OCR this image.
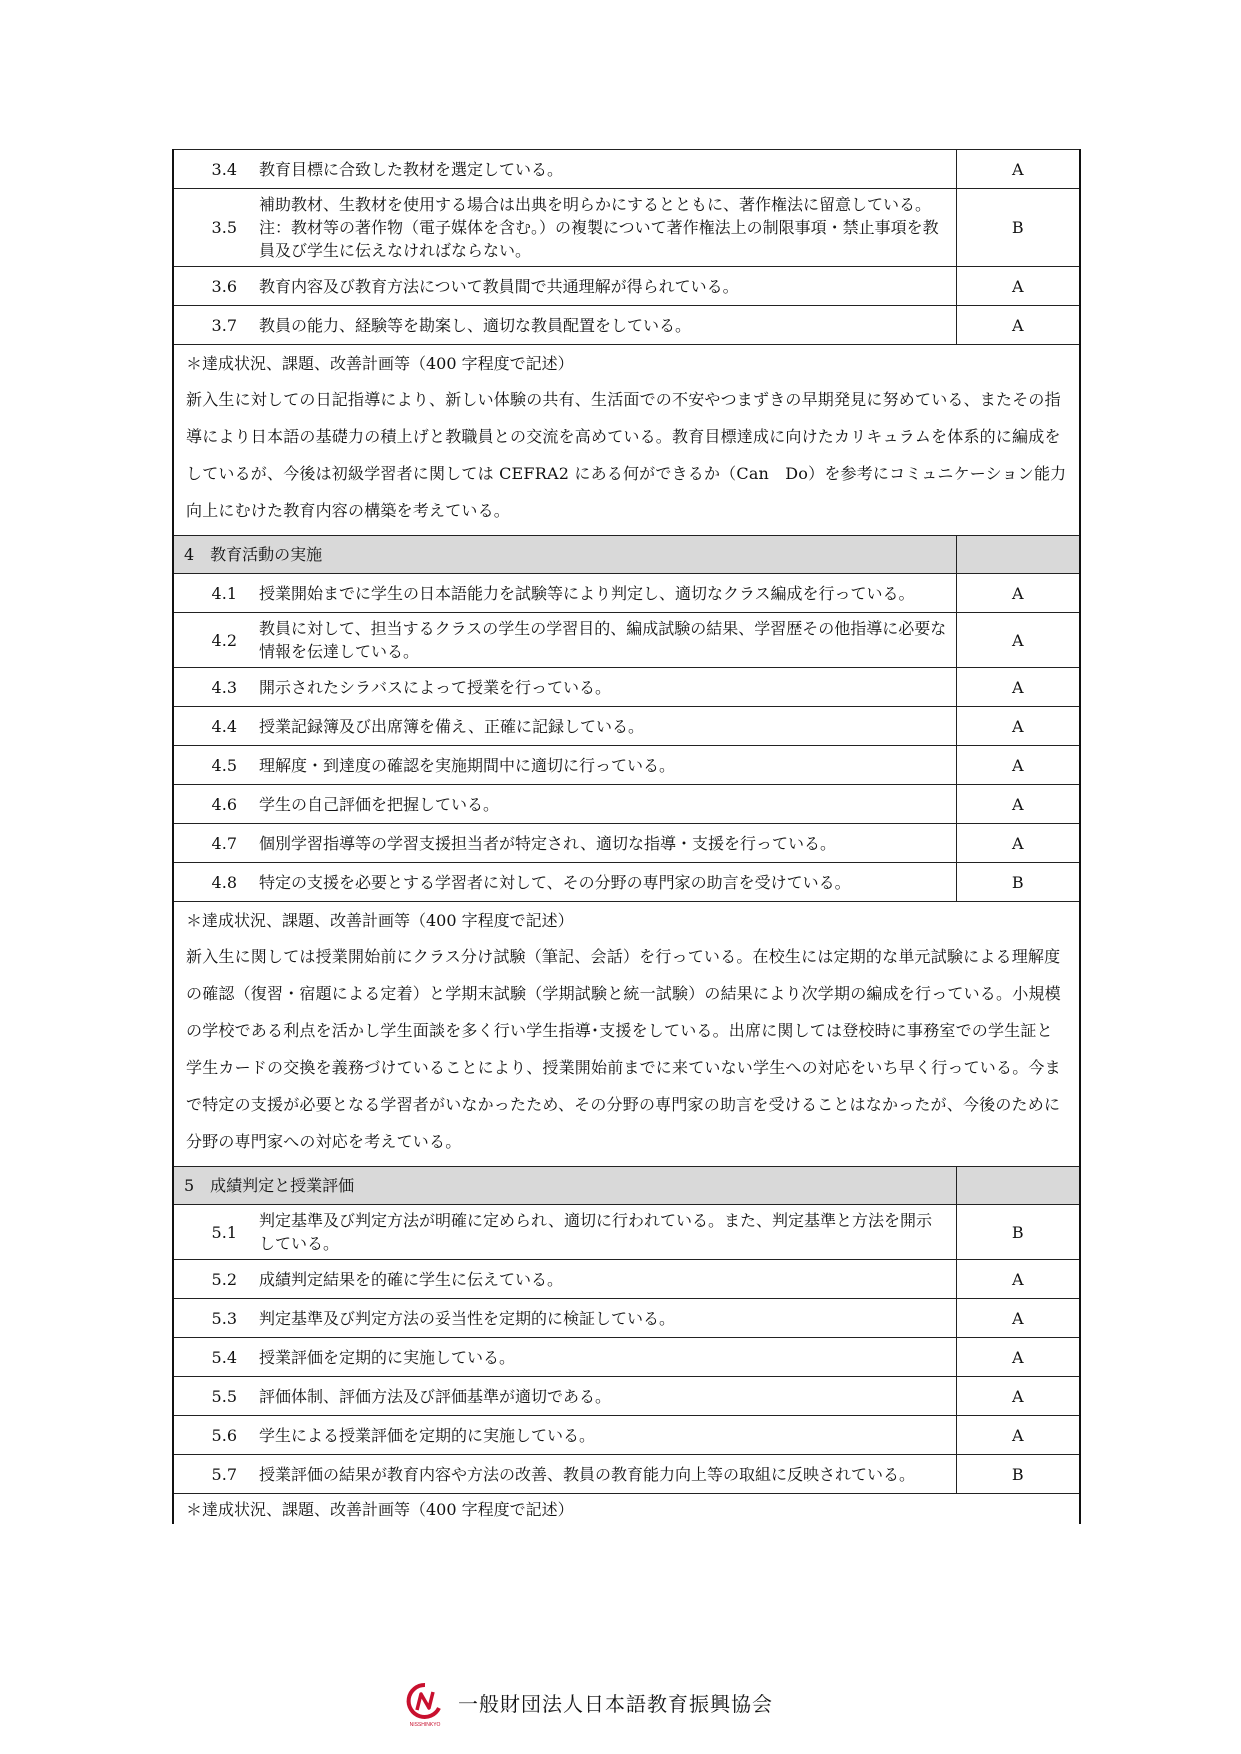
3.4	教育目標に合致した教材を選定している。	A
3.5	補助教材、生教材を使用する場合は出典を明らかにするとともに、著作権法に留意している。
注：教材等の著作物（電子媒体を含む。）の複製について著作権法上の制限事項・禁止事項を教員及び学生に伝えなければならない。	B
3.6	教育内容及び教育方法について教員間で共通理解が得られている。	A
3.7	教員の能力、経験等を勘案し、適切な教員配置をしている。	A

＊達成状況、課題、改善計画等（400 字程度で記述）
新入生に対しての日記指導により、新しい体験の共有、生活面での不安やつまずきの早期発見に努めている、またその指導により日本語の基礎力の積上げと教職員との交流を高めている。教育目標達成に向けたカリキュラムを体系的に編成をしているが、今後は初級学習者に関しては CEFRA2 にある何ができるか（Can　Do）を参考にコミュニケーション能力向上にむけた教育内容の構築を考えている。		

4　教育活動の実施		
4.1	授業開始までに学生の日本語能力を試験等により判定し、適切なクラス編成を行っている。	A
4.2	教員に対して、担当するクラスの学生の学習目的、編成試験の結果、学習歴その他指導に必要な情報を伝達している。	A
4.3	開示されたシラバスによって授業を行っている。	A
4.4	授業記録簿及び出席簿を備え、正確に記録している。	A
4.5	理解度・到達度の確認を実施期間中に適切に行っている。	A
4.6	学生の自己評価を把握している。	A
4.7	個別学習指導等の学習支援担当者が特定され、適切な指導・支援を行っている。	A
4.8	特定の支援を必要とする学習者に対して、その分野の専門家の助言を受けている。	B

＊達成状況、課題、改善計画等（400 字程度で記述）
新入生に関しては授業開始前にクラス分け試験（筆記、会話）を行っている。在校生には定期的な単元試験による理解度の確認（復習・宿題による定着）と学期末試験（学期試験と統一試験）の結果により次学期の編成を行っている。小規模の学校である利点を活かし学生面談を多く行い学生指導･支援をしている。出席に関しては登校時に事務室での学生証と学生カードの交換を義務づけていることにより、授業開始前までに来ていない学生への対応をいち早く行っている。今まで特定の支援が必要となる学習者がいなかったため、その分野の専門家の助言を受けることはなかったが、今後のために分野の専門家への対応を考えている。		

5　成績判定と授業評価		
5.1	判定基準及び判定方法が明確に定められ、適切に行われている。また、判定基準と方法を開示している。	B
5.2	成績判定結果を的確に学生に伝えている。	A
5.3	判定基準及び判定方法の妥当性を定期的に検証している。	A
5.4	授業評価を定期的に実施している。	A
5.5	評価体制、評価方法及び評価基準が適切である。	A
5.6	学生による授業評価を定期的に実施している。	A
5.7	授業評価の結果が教育内容や方法の改善、教員の教育能力向上等の取組に反映されている。	B

＊達成状況、課題、改善計画等（400 字程度で記述）		
NISSHINKYO
一般財団法人日本語教育振興協会
